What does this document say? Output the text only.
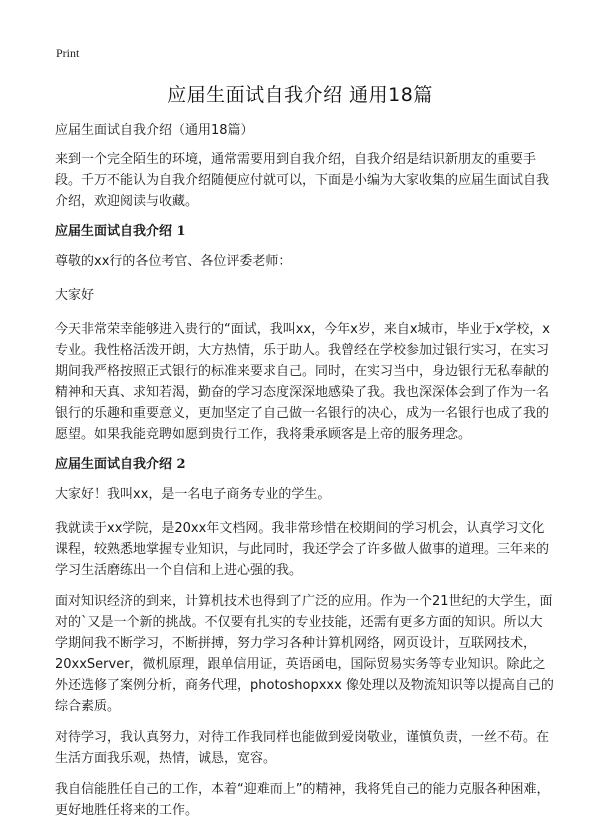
Print
应届生面试自我介绍 通用18篇

应届生面试自我介绍（通用18篇）

来到一个完全陌生的环境，通常需要用到自我介绍，自我介绍是结识新朋友的重要手段。千万不能认为自我介绍随便应付就可以，下面是小编为大家收集的应届生面试自我介绍，欢迎阅读与收藏。

应届生面试自我介绍 1

尊敬的xx行的各位考官、各位评委老师：

大家好

今天非常荣幸能够进入贵行的“面试，我叫xx，今年x岁，来自x城市，毕业于x学校，x专业。我性格活泼开朗，大方热情，乐于助人。我曾经在学校参加过银行实习，在实习期间我严格按照正式银行的标准来要求自己。同时，在实习当中，身边银行无私奉献的精神和天真、求知若渴，勤奋的学习态度深深地感染了我。我也深深体会到了作为一名银行的乐趣和重要意义，更加坚定了自己做一名银行的决心，成为一名银行也成了我的愿望。如果我能竞聘如愿到贵行工作，我将秉承顾客是上帝的服务理念。

应届生面试自我介绍 2

大家好！我叫xx，是一名电子商务专业的学生。

我就读于xx学院，是20xx年文档网。我非常珍惜在校期间的学习机会，认真学习文化课程，较熟悉地掌握专业知识，与此同时，我还学会了许多做人做事的道理。三年来的学习生活磨练出一个自信和上进心强的我。

面对知识经济的到来，计算机技术也得到了广泛的应用。作为一个21世纪的大学生，面对的`又是一个新的挑战。不仅要有扎实的专业技能，还需有更多方面的知识。所以大学期间我不断学习，不断拼搏，努力学习各种计算机网络，网页设计，互联网技术，20xxServer，微机原理，跟单信用证，英语函电，国际贸易实务等专业知识。除此之外还选修了案例分析，商务代理，photoshopxxx 像处理以及物流知识等以提高自己的综合素质。

对待学习，我认真努力，对待工作我同样也能做到爱岗敬业，谨慎负责，一丝不苟。在生活方面我乐观，热情，诚恳，宽容。

我自信能胜任自己的工作，本着“迎难而上”的精神，我将凭自己的能力克服各种困难，更好地胜任将来的工作。
